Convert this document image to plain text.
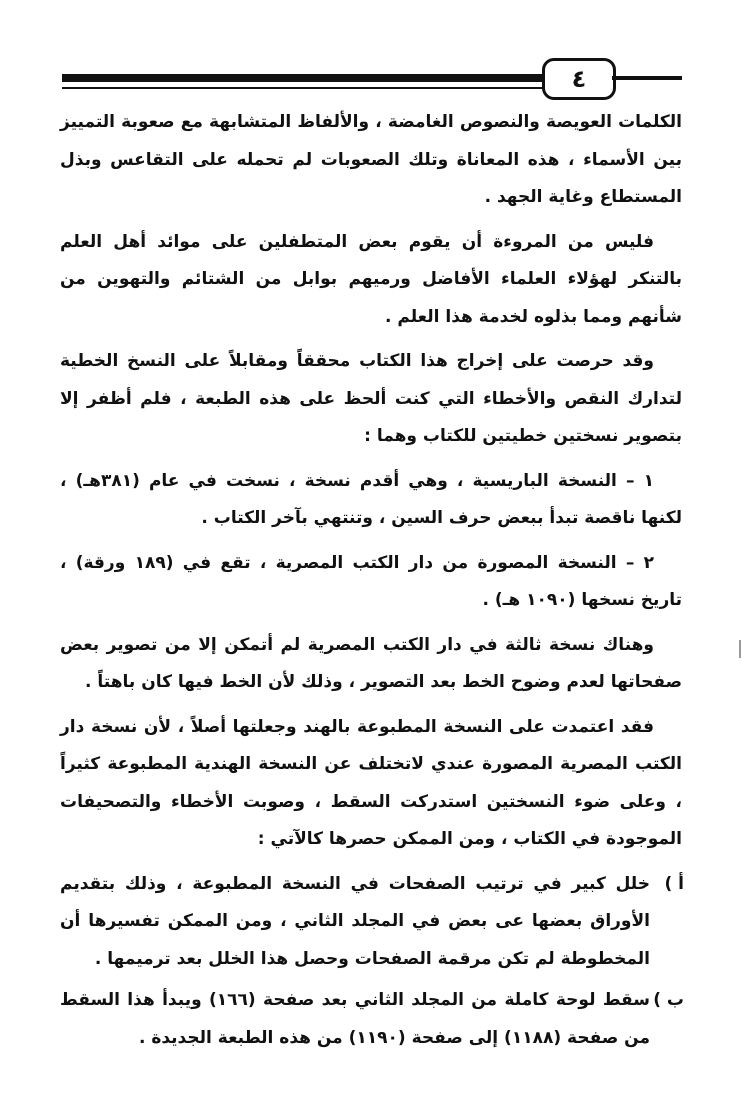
٤

الكلمات العويصة والنصوص الغامضة ، والألفاظ المتشابهة مع صعوبة التمييز بين الأسماء ، هذه المعاناة وتلك الصعوبات لم تحمله على التقاعس وبذل المستطاع وغاية الجهد .

فليس من المروءة أن يقوم بعض المتطفلين على موائد أهل العلم بالتنكر لهؤلاء العلماء الأفاضل ورميهم بوابل من الشتائم والتهوين من شأنهم ومما بذلوه لخدمة هذا العلم .

وقد حرصت على إخراج هذا الكتاب محققاً ومقابلاً على النسخ الخطية لتدارك النقص والأخطاء التي كنت ألحظ على هذه الطبعة ، فلم أظفر إلا بتصوير نسختين خطيتين للكتاب وهما :

١ – النسخة الباريسية ، وهي أقدم نسخة ، نسخت في عام (٣٨١هـ) ، لكنها ناقصة تبدأ ببعض حرف السين ، وتنتهي بآخر الكتاب .

٢ – النسخة المصورة من دار الكتب المصرية ، تقع في (١٨٩ ورقة) ، تاريخ نسخها (١٠٩٠ هـ) .

وهناك نسخة ثالثة في دار الكتب المصرية لم أتمكن إلا من تصوير بعض صفحاتها لعدم وضوح الخط بعد التصوير ، وذلك لأن الخط فيها كان باهتاً .

فقد اعتمدت على النسخة المطبوعة بالهند وجعلتها أصلاً ، لأن نسخة دار الكتب المصرية المصورة عندي لاتختلف عن النسخة الهندية المطبوعة كثيراً ، وعلى ضوء النسختين استدركت السقط ، وصوبت الأخطاء والتصحيفات الموجودة في الكتاب ، ومن الممكن حصرها كالآتي :

أ )
خلل كبير في ترتيب الصفحات في النسخة المطبوعة ، وذلك بتقديم الأوراق بعضها عى بعض في المجلد الثاني ، ومن الممكن تفسيرها أن المخطوطة لم تكن مرقمة الصفحات وحصل هذا الخلل بعد ترميمها .
ب )
سقط لوحة كاملة من المجلد الثاني بعد صفحة (١٦٦) ويبدأ هذا السقط من صفحة (١١٨٨) إلى صفحة (١١٩٠) من هذه الطبعة الجديدة .
